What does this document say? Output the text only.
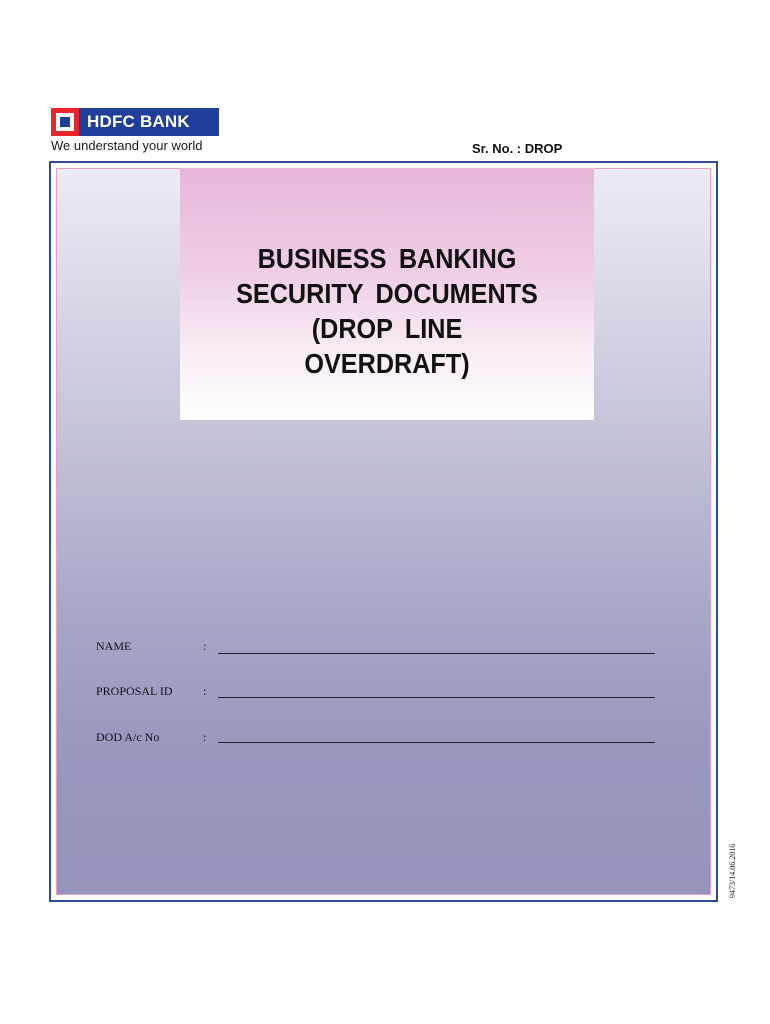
HDFC BANK
We understand your world	Sr. No. : DROP
BUSINESS BANKING
SECURITY DOCUMENTS
(DROP LINE
OVERDRAFT)
NAME	:
PROPOSAL ID	:
DOD A/c No	:
9473/14.06.2016
